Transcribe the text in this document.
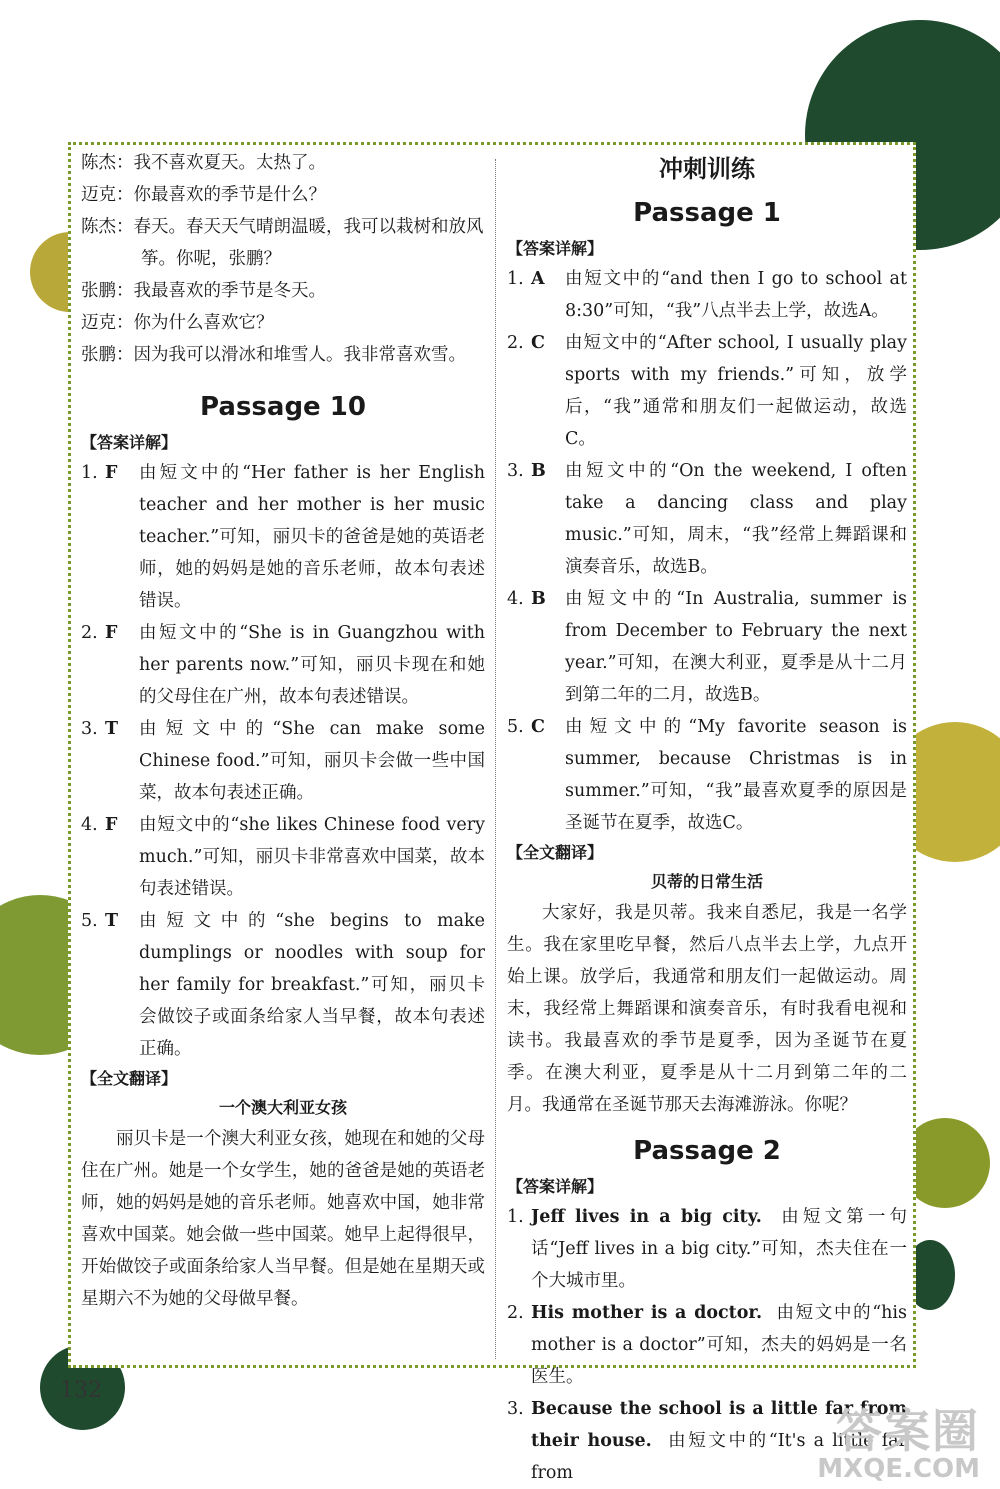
陈杰：我不喜欢夏天。太热了。
迈克：你最喜欢的季节是什么？
陈杰：春天。春天天气晴朗温暖，我可以栽树和放风筝。你呢，张鹏？
张鹏：我最喜欢的季节是冬天。
迈克：你为什么喜欢它？
张鹏：因为我可以滑冰和堆雪人。我非常喜欢雪。
Passage 10
【答案详解】
1. F	由短文中的“Her father is her English teacher and her mother is her music teacher.”可知，丽贝卡的爸爸是她的英语老师，她的妈妈是她的音乐老师，故本句表述错误。
2. F	由短文中的“She is in Guangzhou with her parents now.”可知，丽贝卡现在和她的父母住在广州，故本句表述错误。
3. T	由短文中的“She can make some Chinese food.”可知，丽贝卡会做一些中国菜，故本句表述正确。
4. F	由短文中的“she likes Chinese food very much.”可知，丽贝卡非常喜欢中国菜，故本句表述错误。
5. T	由短文中的“she begins to make dumplings or noodles with soup for her family for breakfast.”可知，丽贝卡会做饺子或面条给家人当早餐，故本句表述正确。
【全文翻译】
一个澳大利亚女孩
丽贝卡是一个澳大利亚女孩，她现在和她的父母住在广州。她是一个女学生，她的爸爸是她的英语老师，她的妈妈是她的音乐老师。她喜欢中国，她非常喜欢中国菜。她会做一些中国菜。她早上起得很早，开始做饺子或面条给家人当早餐。但是她在星期天或星期六不为她的父母做早餐。
冲刺训练
Passage 1
【答案详解】
1. A	由短文中的“and then I go to school at 8:30”可知，“我”八点半去上学，故选A。
2. C	由短文中的“After school, I usually play sports with my friends.”可知，放学后，“我”通常和朋友们一起做运动，故选C。
3. B	由短文中的“On the weekend, I often take a dancing class and play music.”可知，周末，“我”经常上舞蹈课和演奏音乐，故选B。
4. B	由短文中的“In Australia, summer is from December to February the next year.”可知，在澳大利亚，夏季是从十二月到第二年的二月，故选B。
5. C	由短文中的“My favorite season is summer, because Christmas is in summer.”可知，“我”最喜欢夏季的原因是圣诞节在夏季，故选C。
【全文翻译】
贝蒂的日常生活
大家好，我是贝蒂。我来自悉尼，我是一名学生。我在家里吃早餐，然后八点半去上学，九点开始上课。放学后，我通常和朋友们一起做运动。周末，我经常上舞蹈课和演奏音乐，有时我看电视和读书。我最喜欢的季节是夏季，因为圣诞节在夏季。在澳大利亚，夏季是从十二月到第二年的二月。我通常在圣诞节那天去海滩游泳。你呢？
Passage 2
【答案详解】
1. Jeff lives in a big city. 由短文第一句话“Jeff lives in a big city.”可知，杰夫住在一个大城市里。
2. His mother is a doctor. 由短文中的“his mother is a doctor”可知，杰夫的妈妈是一名医生。
3. Because the school is a little far from their house. 由短文中的“It's a little far from
132
答案圈
MXQE.COM
